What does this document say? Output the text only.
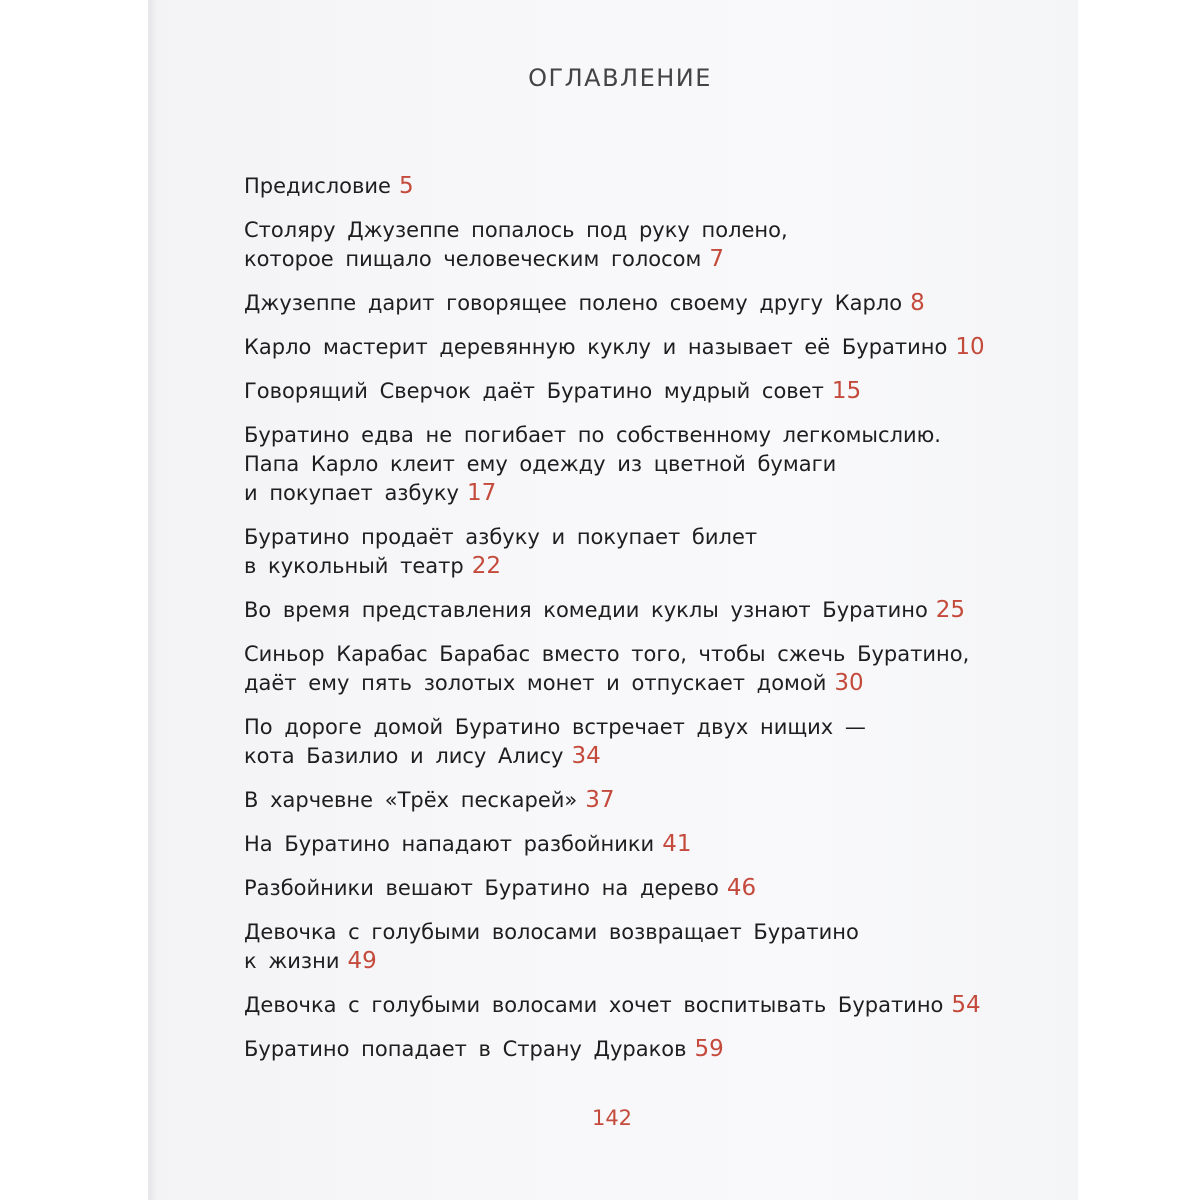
ОГЛАВЛЕНИЕ
Предисловие 5
Столяру Джузеппе попалось под руку полено,
которое пищало человеческим голосом 7
Джузеппе дарит говорящее полено своему другу Карло 8
Карло мастерит деревянную куклу и называет её Буратино 10
Говорящий Сверчок даёт Буратино мудрый совет 15
Буратино едва не погибает по собственному легкомыслию.
Папа Карло клеит ему одежду из цветной бумаги
и покупает азбуку 17
Буратино продаёт азбуку и покупает билет
в кукольный театр 22
Во время представления комедии куклы узнают Буратино 25
Синьор Карабас Барабас вместо того, чтобы сжечь Буратино,
даёт ему пять золотых монет и отпускает домой 30
По дороге домой Буратино встречает двух нищих —
кота Базилио и лису Алису 34
В харчевне «Трёх пескарей» 37
На Буратино нападают разбойники 41
Разбойники вешают Буратино на дерево 46
Девочка с голубыми волосами возвращает Буратино
к жизни 49
Девочка с голубыми волосами хочет воспитывать Буратино 54
Буратино попадает в Страну Дураков 59
142
